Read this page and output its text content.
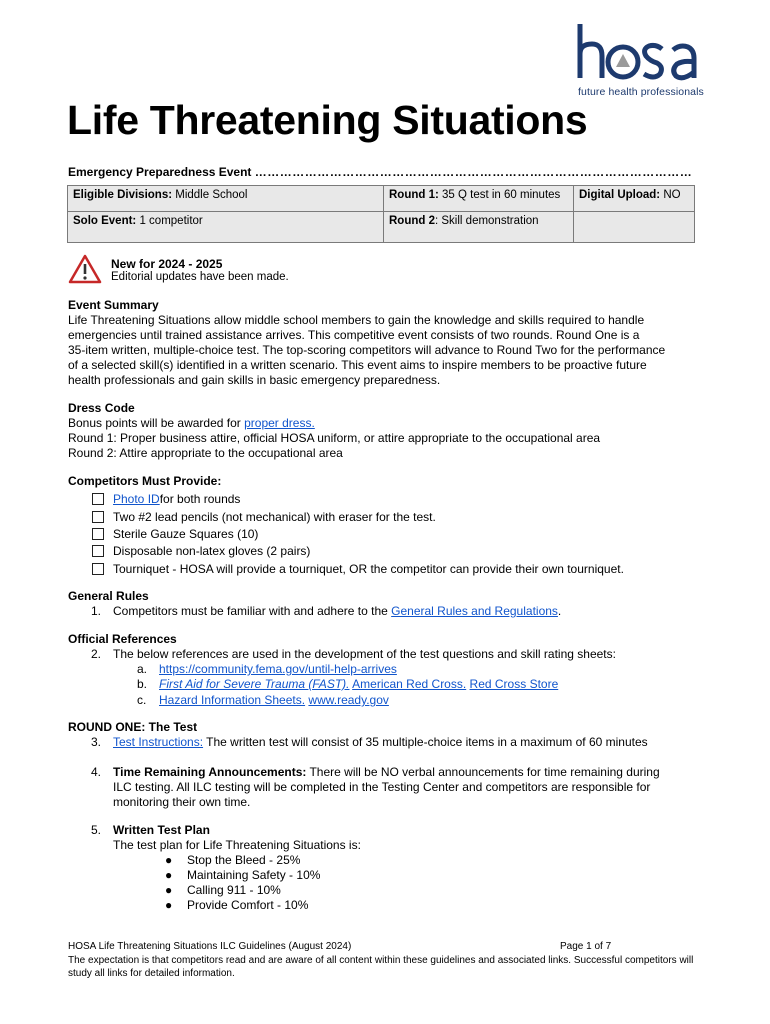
future health professionals
Life Threatening Situations
Emergency Preparedness Event ……………………………………………………………………………………………
Eligible Divisions: Middle School	Round 1: 35 Q test in 60 minutes	Digital Upload: NO
Solo Event: 1 competitor	Round 2: Skill demonstration	
New for 2024 - 2025
Editorial updates have been made.
Event Summary
Life Threatening Situations allow middle school members to gain the knowledge and skills required to handle
emergencies until trained assistance arrives. This competitive event consists of two rounds. Round One is a
35-item written, multiple-choice test. The top-scoring competitors will advance to Round Two for the performance
of a selected skill(s) identified in a written scenario. This event aims to inspire members to be proactive future
health professionals and gain skills in basic emergency preparedness.
Dress Code
Bonus points will be awarded for proper dress.
Round 1: Proper business attire, official HOSA uniform, or attire appropriate to the occupational area
Round 2: Attire appropriate to the occupational area
Competitors Must Provide:
Photo ID for both rounds
Two #2 lead pencils (not mechanical) with eraser for the test.
Sterile Gauze Squares (10)
Disposable non-latex gloves (2 pairs)
Tourniquet - HOSA will provide a tourniquet, OR the competitor can provide their own tourniquet.
General Rules
1. Competitors must be familiar with and adhere to the General Rules and Regulations.
Official References
2. The below references are used in the development of the test questions and skill rating sheets:
a. https://community.fema.gov/until-help-arrives
b. First Aid for Severe Trauma (FAST). American Red Cross. Red Cross Store
c. Hazard Information Sheets. www.ready.gov
ROUND ONE: The Test
3. Test Instructions: The written test will consist of 35 multiple-choice items in a maximum of 60 minutes
4. Time Remaining Announcements: There will be NO verbal announcements for time remaining during
ILC testing. All ILC testing will be completed in the Testing Center and competitors are responsible for
monitoring their own time.
5. Written Test Plan
The test plan for Life Threatening Situations is:
● Stop the Bleed - 25%
● Maintaining Safety - 10%
● Calling 911 - 10%
● Provide Comfort - 10%
HOSA Life Threatening Situations ILC Guidelines (August 2024)	Page 1 of 7
The expectation is that competitors read and are aware of all content within these guidelines and associated links. Successful competitors will
study all links for detailed information.
